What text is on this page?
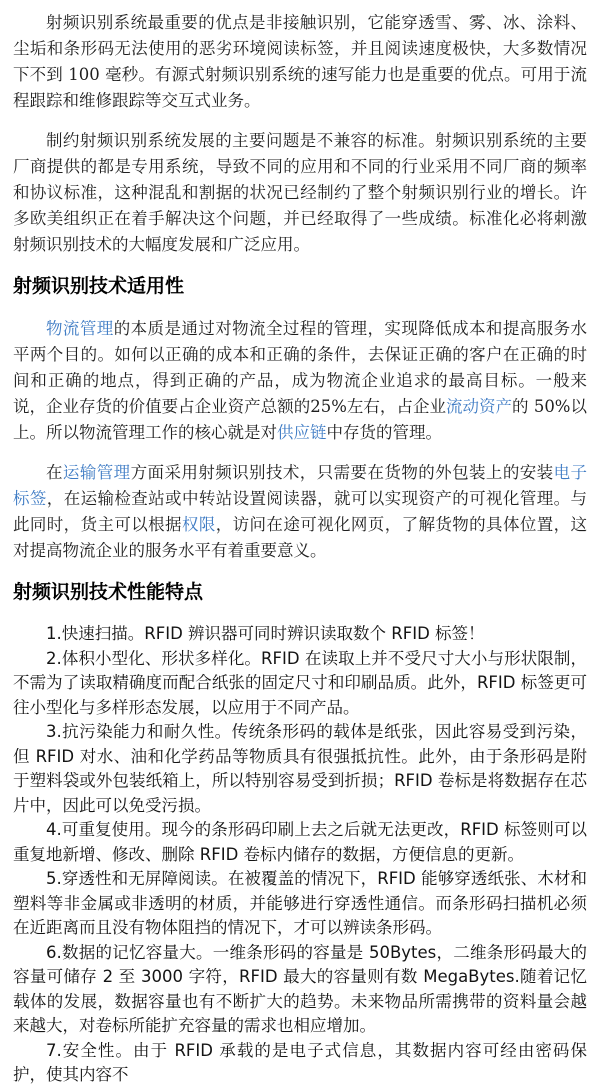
射频识别系统最重要的优点是非接触识别，它能穿透雪、雾、冰、涂料、尘垢和条形码无法使用的恶劣环境阅读标签，并且阅读速度极快，大多数情况下不到 100 毫秒。有源式射频识别系统的速写能力也是重要的优点。可用于流程跟踪和维修跟踪等交互式业务。

制约射频识别系统发展的主要问题是不兼容的标准。射频识别系统的主要厂商提供的都是专用系统，导致不同的应用和不同的行业采用不同厂商的频率和协议标准，这种混乱和割据的状况已经制约了整个射频识别行业的增长。许多欧美组织正在着手解决这个问题，并已经取得了一些成绩。标准化必将刺激射频识别技术的大幅度发展和广泛应用。

射频识别技术适用性

物流管理的本质是通过对物流全过程的管理，实现降低成本和提高服务水平两个目的。如何以正确的成本和正确的条件，去保证正确的客户在正确的时间和正确的地点，得到正确的产品，成为物流企业追求的最高目标。一般来说，企业存货的价值要占企业资产总额的25%左右，占企业流动资产的 50%以上。所以物流管理工作的核心就是对供应链中存货的管理。

在运输管理方面采用射频识别技术，只需要在货物的外包装上的安装电子标签，在运输检查站或中转站设置阅读器，就可以实现资产的可视化管理。与此同时，货主可以根据权限，访问在途可视化网页，了解货物的具体位置，这对提高物流企业的服务水平有着重要意义。

射频识别技术性能特点

1.快速扫描。RFID 辨识器可同时辨识读取数个 RFID 标签！

2.体积小型化、形状多样化。RFID 在读取上并不受尺寸大小与形状限制，不需为了读取精确度而配合纸张的固定尺寸和印刷品质。此外，RFID 标签更可往小型化与多样形态发展，以应用于不同产品。

3.抗污染能力和耐久性。传统条形码的载体是纸张，因此容易受到污染，但 RFID 对水、油和化学药品等物质具有很强抵抗性。此外，由于条形码是附于塑料袋或外包装纸箱上，所以特别容易受到折损；RFID 卷标是将数据存在芯片中，因此可以免受污损。

4.可重复使用。现今的条形码印刷上去之后就无法更改，RFID 标签则可以重复地新增、修改、删除 RFID 卷标内储存的数据，方便信息的更新。

5.穿透性和无屏障阅读。在被覆盖的情况下，RFID 能够穿透纸张、木材和塑料等非金属或非透明的材质，并能够进行穿透性通信。而条形码扫描机必须在近距离而且没有物体阻挡的情况下，才可以辨读条形码。

6.数据的记忆容量大。一维条形码的容量是 50Bytes，二维条形码最大的容量可储存 2 至 3000 字符，RFID 最大的容量则有数 MegaBytes.随着记忆载体的发展，数据容量也有不断扩大的趋势。未来物品所需携带的资料量会越来越大，对卷标所能扩充容量的需求也相应增加。

7.安全性。由于 RFID 承载的是电子式信息，其数据内容可经由密码保护，使其内容不
